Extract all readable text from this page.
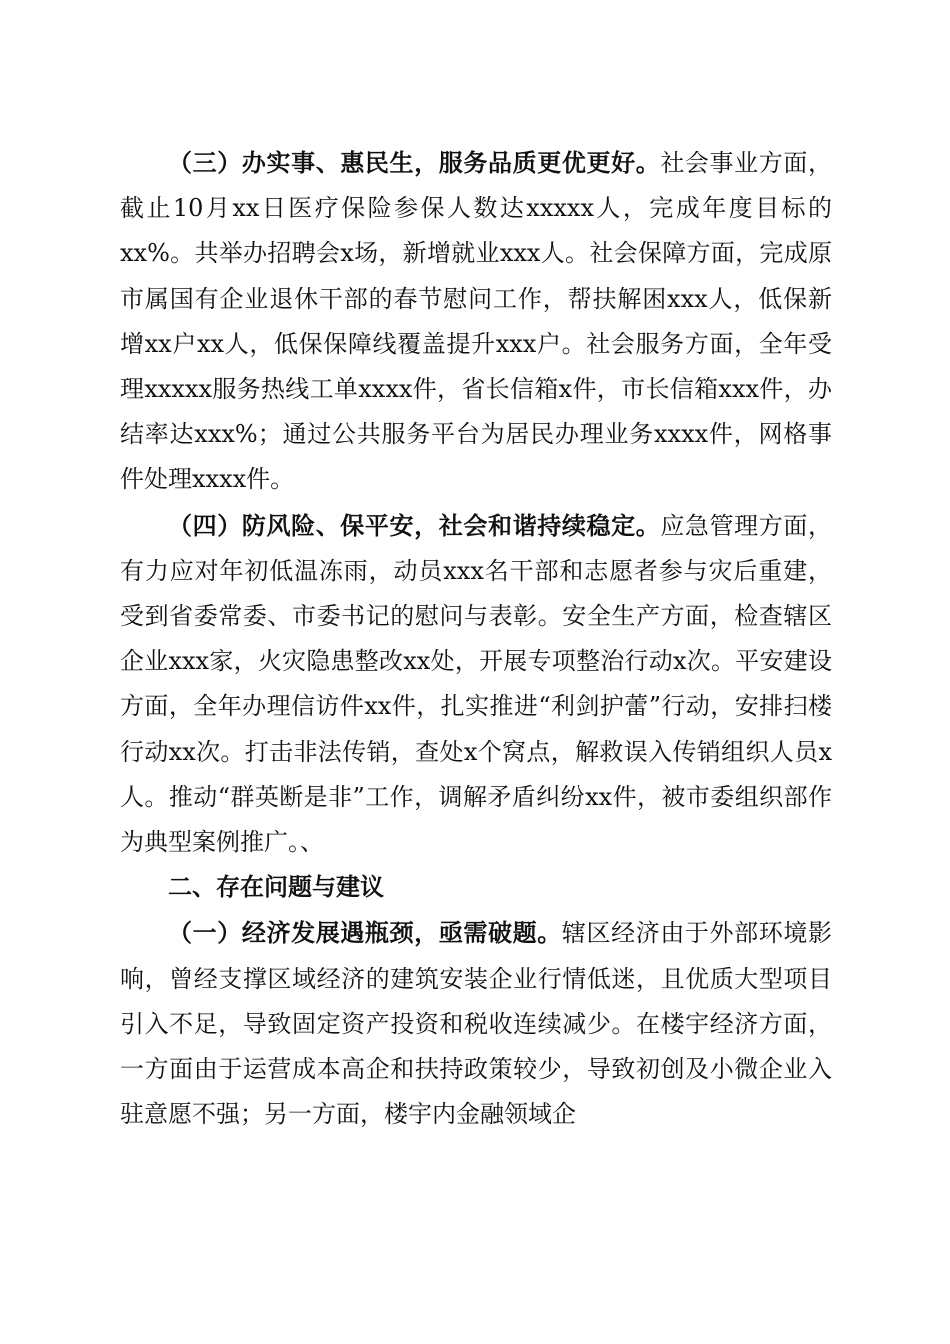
（三）办实事、惠民生，服务品质更优更好。社会事业方面，截止10月xx日医疗保险参保人数达xxxxx人，完成年度目标的xx%。共举办招聘会x场，新增就业xxx人。社会保障方面，完成原市属国有企业退休干部的春节慰问工作，帮扶解困xxx人，低保新增xx户xx人，低保保障线覆盖提升xxx户。社会服务方面，全年受理xxxxx服务热线工单xxxx件，省长信箱x件，市长信箱xxx件，办结率达xxx%；通过公共服务平台为居民办理业务xxxx件，网格事件处理xxxx件。

（四）防风险、保平安，社会和谐持续稳定。应急管理方面，有力应对年初低温冻雨，动员xxx名干部和志愿者参与灾后重建，受到省委常委、市委书记的慰问与表彰。安全生产方面，检查辖区企业xxx家，火灾隐患整改xx处，开展专项整治行动x次。平安建设方面，全年办理信访件xx件，扎实推进“利剑护蕾”行动，安排扫楼行动xx次。打击非法传销，查处x个窝点，解救误入传销组织人员x人。推动“群英断是非”工作，调解矛盾纠纷xx件，被市委组织部作为典型案例推广。、

二、存在问题与建议

（一）经济发展遇瓶颈，亟需破题。辖区经济由于外部环境影响，曾经支撑区域经济的建筑安装企业行情低迷，且优质大型项目引入不足，导致固定资产投资和税收连续减少。在楼宇经济方面，一方面由于运营成本高企和扶持政策较少，导致初创及小微企业入驻意愿不强；另一方面，楼宇内金融领域企
